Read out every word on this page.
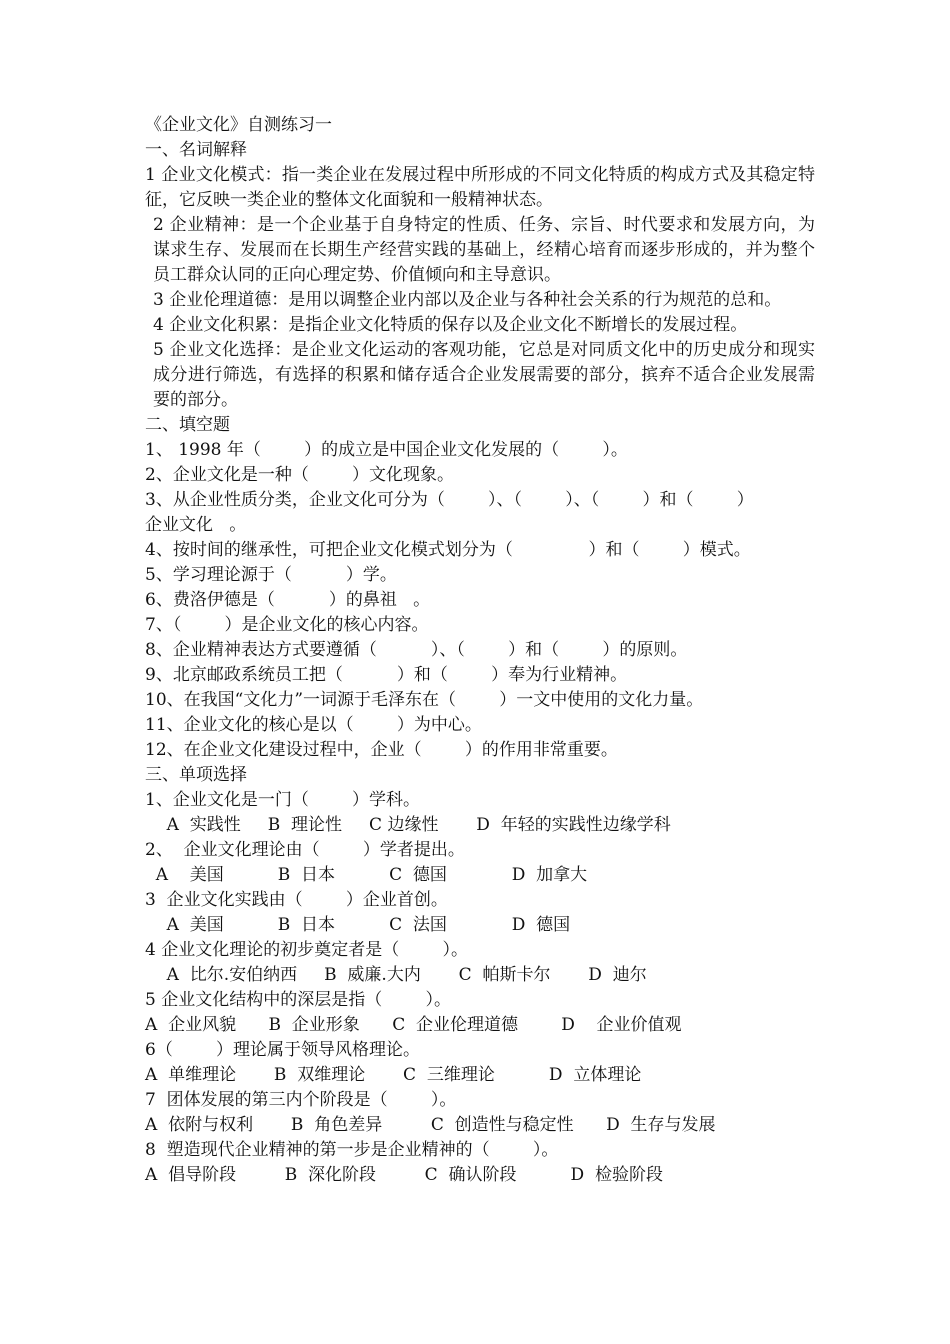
《企业文化》自测练习一
一、名词解释
1 企业文化模式：指一类企业在发展过程中所形成的不同文化特质的构成方式及其稳定特征，它反映一类企业的整体文化面貌和一般精神状态。
2 企业精神：是一个企业基于自身特定的性质、任务、宗旨、时代要求和发展方向，为谋求生存、发展而在长期生产经营实践的基础上，经精心培育而逐步形成的，并为整个员工群众认同的正向心理定势、价值倾向和主导意识。
3 企业伦理道德：是用以调整企业内部以及企业与各种社会关系的行为规范的总和。
4 企业文化积累：是指企业文化特质的保存以及企业文化不断增长的发展过程。
5 企业文化选择：是企业文化运动的客观功能，它总是对同质文化中的历史成分和现实成分进行筛选，有选择的积累和储存适合企业发展需要的部分，摈弃不适合企业发展需要的部分。
二、填空题
1、 1998 年（        ）的成立是中国企业文化发展的（        ）。
2、企业文化是一种（        ）文化现象。
3、从企业性质分类，企业文化可分为（        ）、（        ）、（        ）和（        ）
企业文化   。
4、按时间的继承性，可把企业文化模式划分为（              ）和（        ）模式。
5、学习理论源于（          ）学。
6、费洛伊德是（          ）的鼻祖   。
7、（        ）是企业文化的核心内容。
8、企业精神表达方式要遵循（          ）、（        ）和（        ）的原则。
9、北京邮政系统员工把（          ）和（        ）奉为行业精神。
10、在我国“文化力”一词源于毛泽东在（        ）一文中使用的文化力量。
11、企业文化的核心是以（        ）为中心。
12、在企业文化建设过程中，企业（        ）的作用非常重要。
三、单项选择
1、企业文化是一门（        ）学科。
A  实践性     B  理论性     C 边缘性       D  年轻的实践性边缘学科
2、  企业文化理论由（        ）学者提出。
A    美国          B  日本          C  德国            D  加拿大
3  企业文化实践由（        ）企业首创。
A  美国          B  日本          C  法国            D  德国
4 企业文化理论的初步奠定者是（        ）。
A  比尔.安伯纳西     B  威廉.大内       C  帕斯卡尔       D  迪尔
5 企业文化结构中的深层是指（        ）。
A  企业风貌      B  企业形象      C  企业伦理道德        D    企业价值观
6（        ）理论属于领导风格理论。
A  单维理论       B  双维理论       C  三维理论          D  立体理论
7  团体发展的第三内个阶段是（        ）。
A  依附与权利       B  角色差异         C  创造性与稳定性      D  生存与发展
8  塑造现代企业精神的第一步是企业精神的（        ）。
A  倡导阶段         B  深化阶段         C  确认阶段          D  检验阶段
